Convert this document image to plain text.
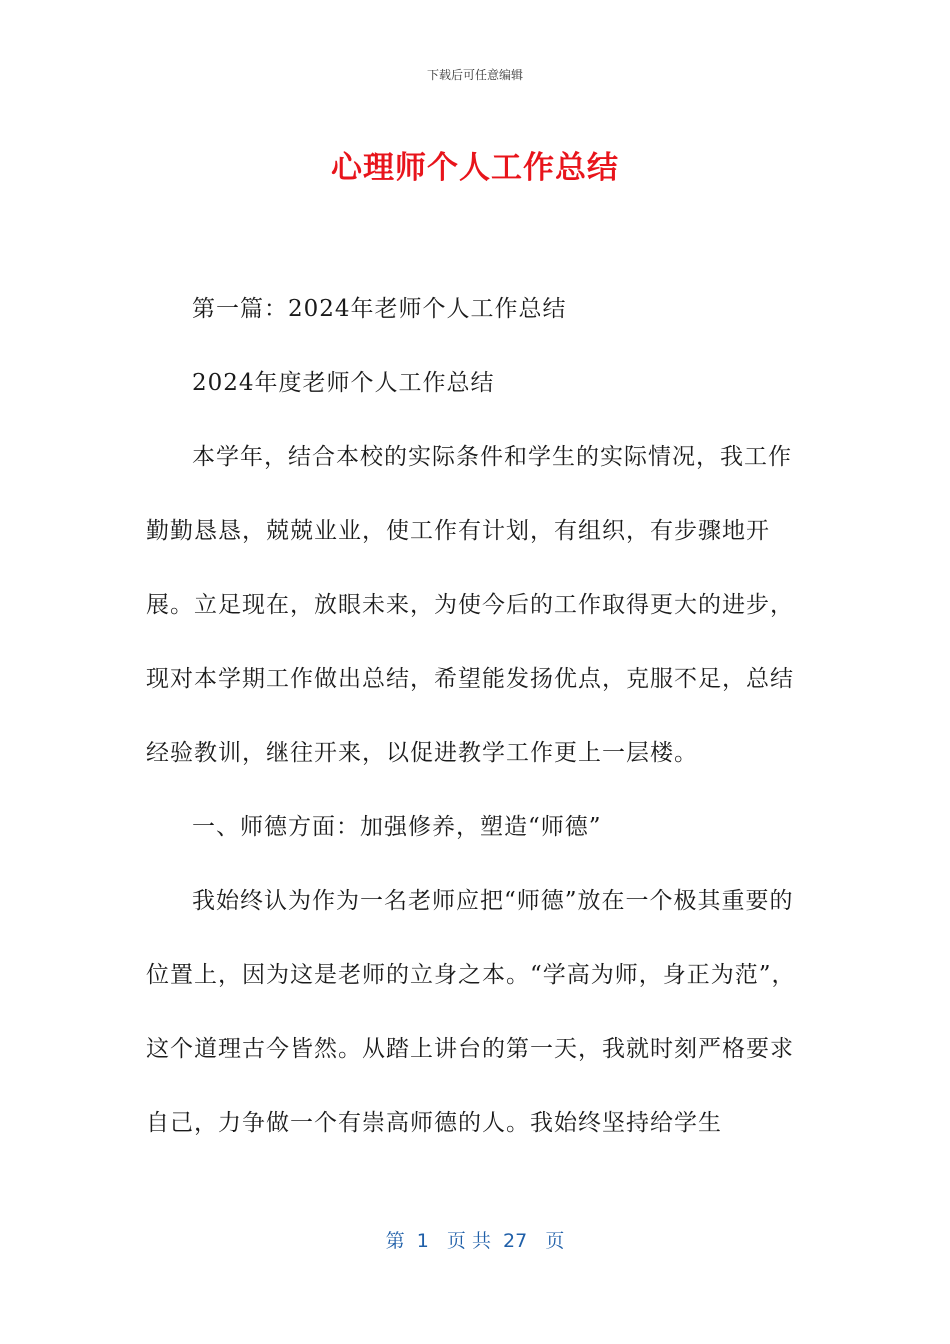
下载后可任意编辑
心理师个人工作总结

第一篇：2024年老师个人工作总结

2024年度老师个人工作总结

本学年，结合本校的实际条件和学生的实际情况，我工作勤勤恳恳，兢兢业业，使工作有计划，有组织，有步骤地开展。立足现在，放眼未来，为使今后的工作取得更大的进步，现对本学期工作做出总结，希望能发扬优点，克服不足，总结经验教训，继往开来，以促进教学工作更上一层楼。

一、师德方面：加强修养，塑造“师德”

我始终认为作为一名老师应把“师德”放在一个极其重要的位置上，因为这是老师的立身之本。“学高为师，身正为范”，这个道理古今皆然。从踏上讲台的第一天，我就时刻严格要求自己，力争做一个有崇高师德的人。我始终坚持给学生

第  1   页 共  27   页
